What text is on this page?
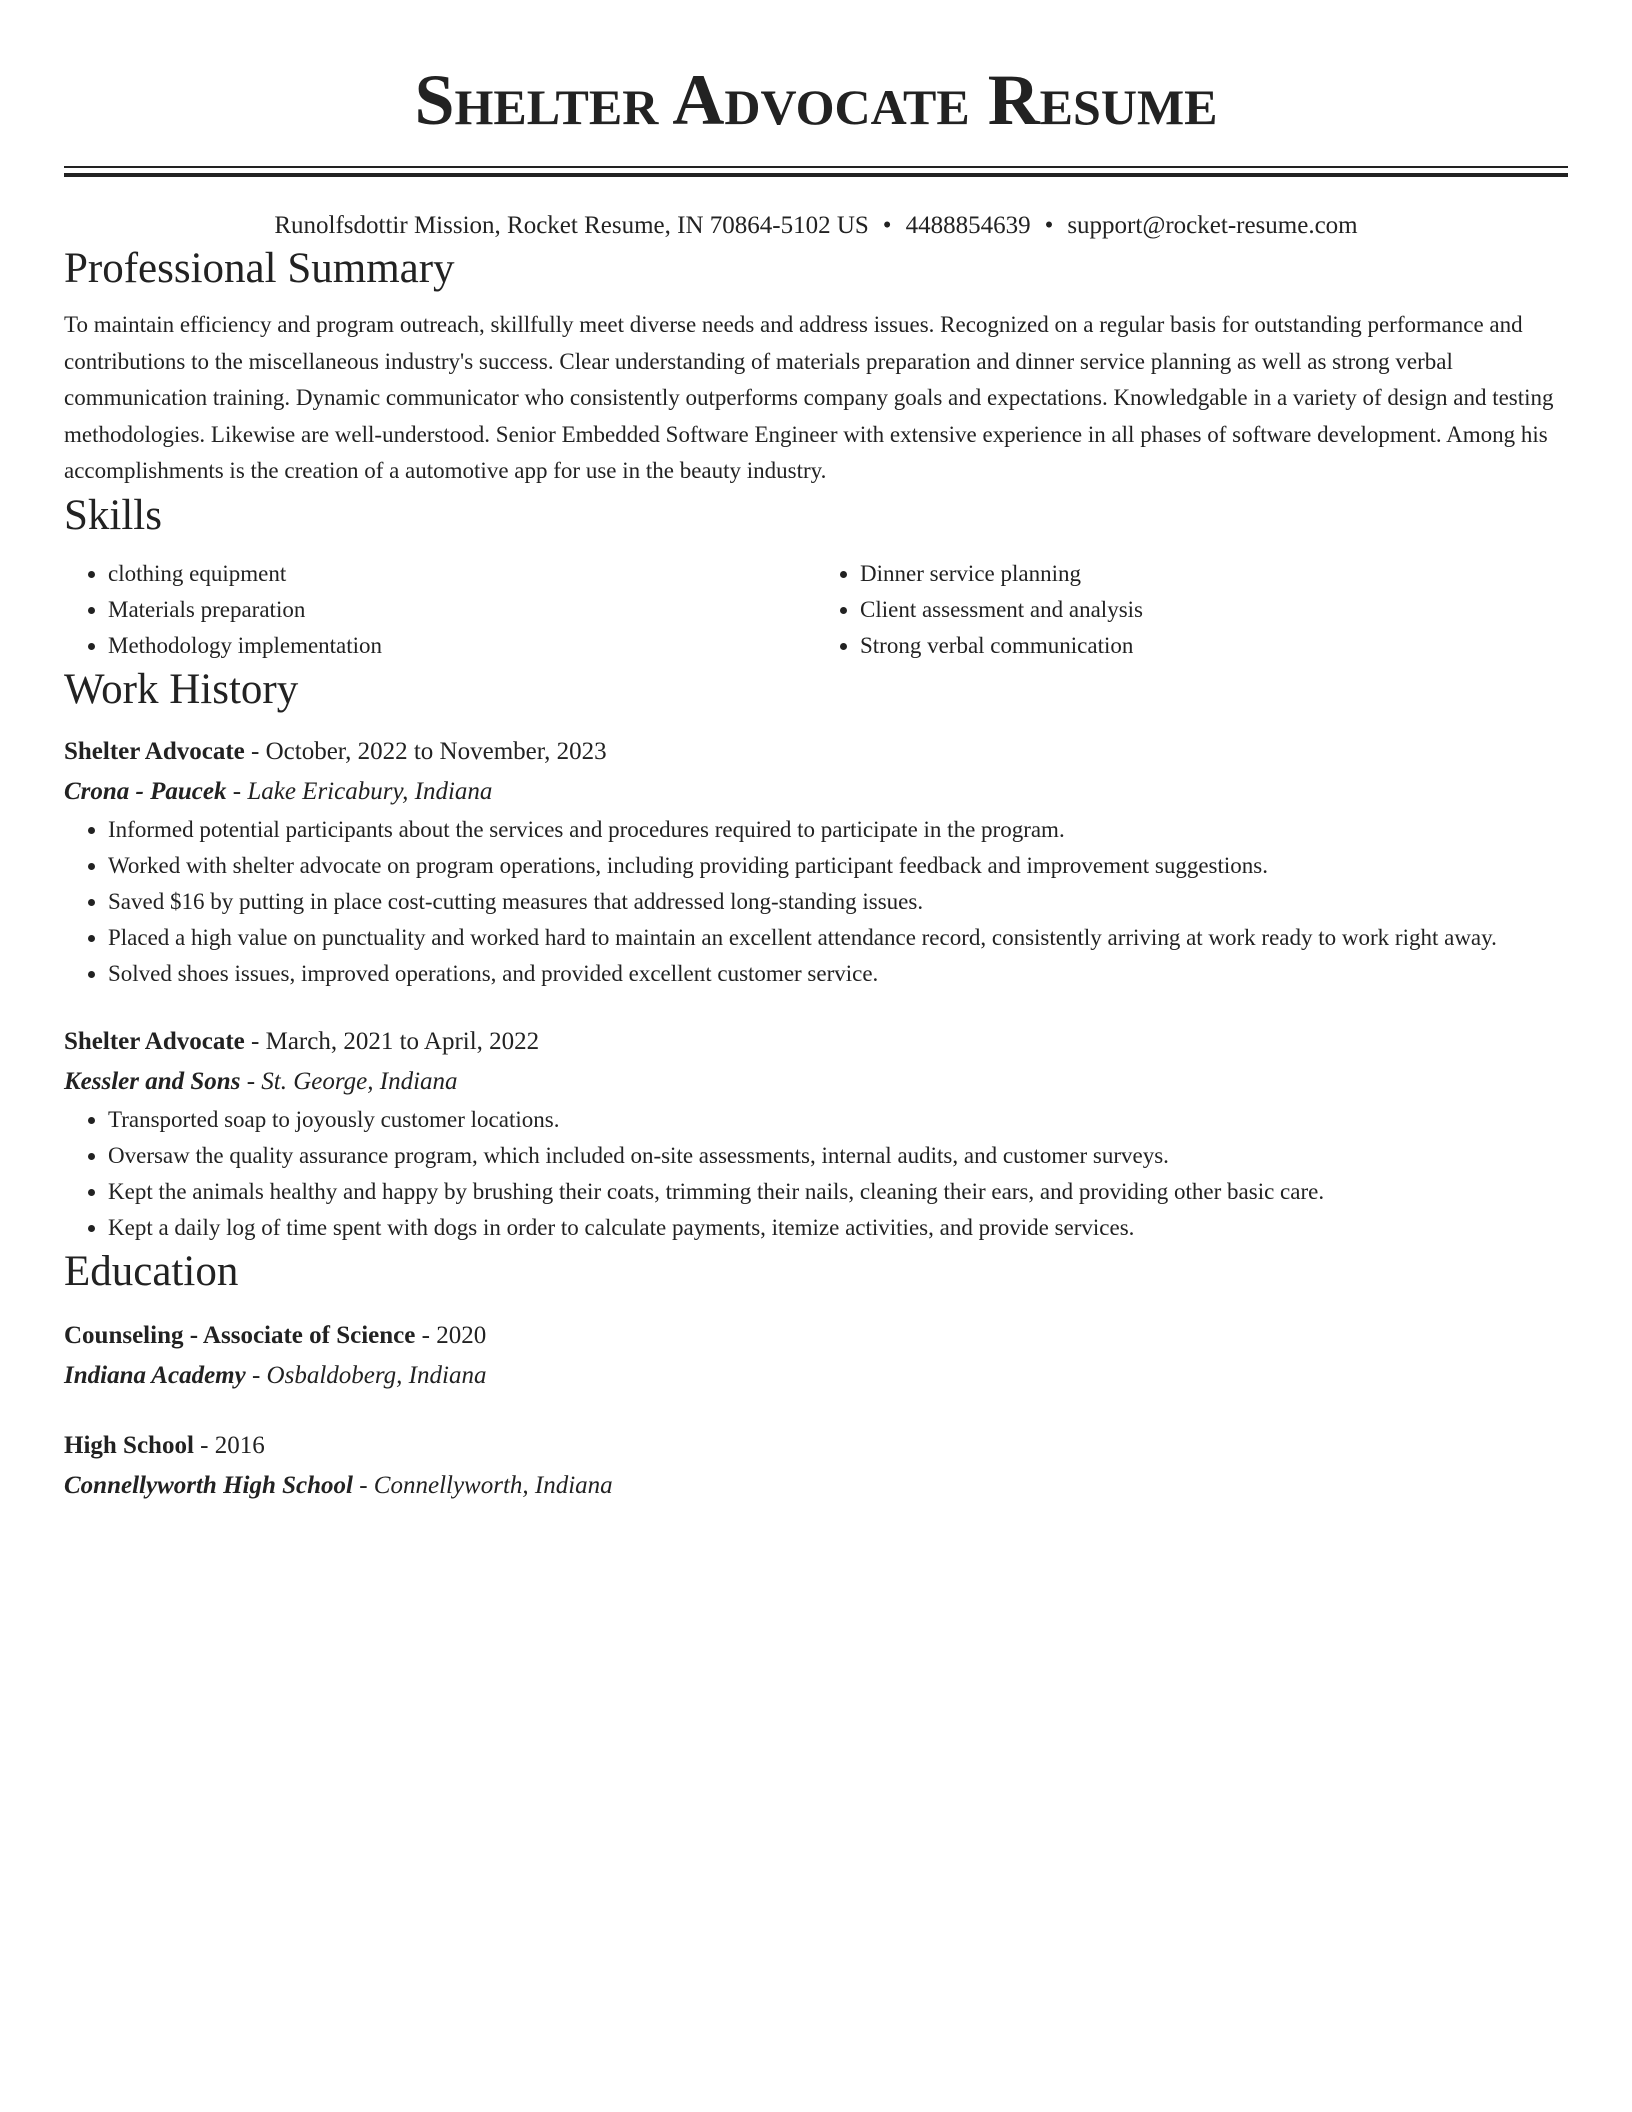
Shelter Advocate Resume
Runolfsdottir Mission, Rocket Resume, IN 70864-5102 US • 4488854639 • support@rocket-resume.com
Professional Summary

To maintain efficiency and program outreach, skillfully meet diverse needs and address issues. Recognized on a regular basis for outstanding performance and contributions to the miscellaneous industry's success. Clear understanding of materials preparation and dinner service planning as well as strong verbal communication training. Dynamic communicator who consistently outperforms company goals and expectations. Knowledgable in a variety of design and testing methodologies. Likewise are well-understood. Senior Embedded Software Engineer with extensive experience in all phases of software development. Among his accomplishments is the creation of a automotive app for use in the beauty industry.

Skills
• clothing equipment
• Materials preparation
• Methodology implementation
• Dinner service planning
• Client assessment and analysis
• Strong verbal communication
Work History
Shelter Advocate - October, 2022 to November, 2023
Crona - Paucek - Lake Ericabury, Indiana
• Informed potential participants about the services and procedures required to participate in the program.
• Worked with shelter advocate on program operations, including providing participant feedback and improvement suggestions.
• Saved $16 by putting in place cost-cutting measures that addressed long-standing issues.
• Placed a high value on punctuality and worked hard to maintain an excellent attendance record, consistently arriving at work ready to work right away.
• Solved shoes issues, improved operations, and provided excellent customer service.
Shelter Advocate - March, 2021 to April, 2022
Kessler and Sons - St. George, Indiana
• Transported soap to joyously customer locations.
• Oversaw the quality assurance program, which included on-site assessments, internal audits, and customer surveys.
• Kept the animals healthy and happy by brushing their coats, trimming their nails, cleaning their ears, and providing other basic care.
• Kept a daily log of time spent with dogs in order to calculate payments, itemize activities, and provide services.
Education
Counseling - Associate of Science - 2020
Indiana Academy - Osbaldoberg, Indiana
High School - 2016
Connellyworth High School - Connellyworth, Indiana
